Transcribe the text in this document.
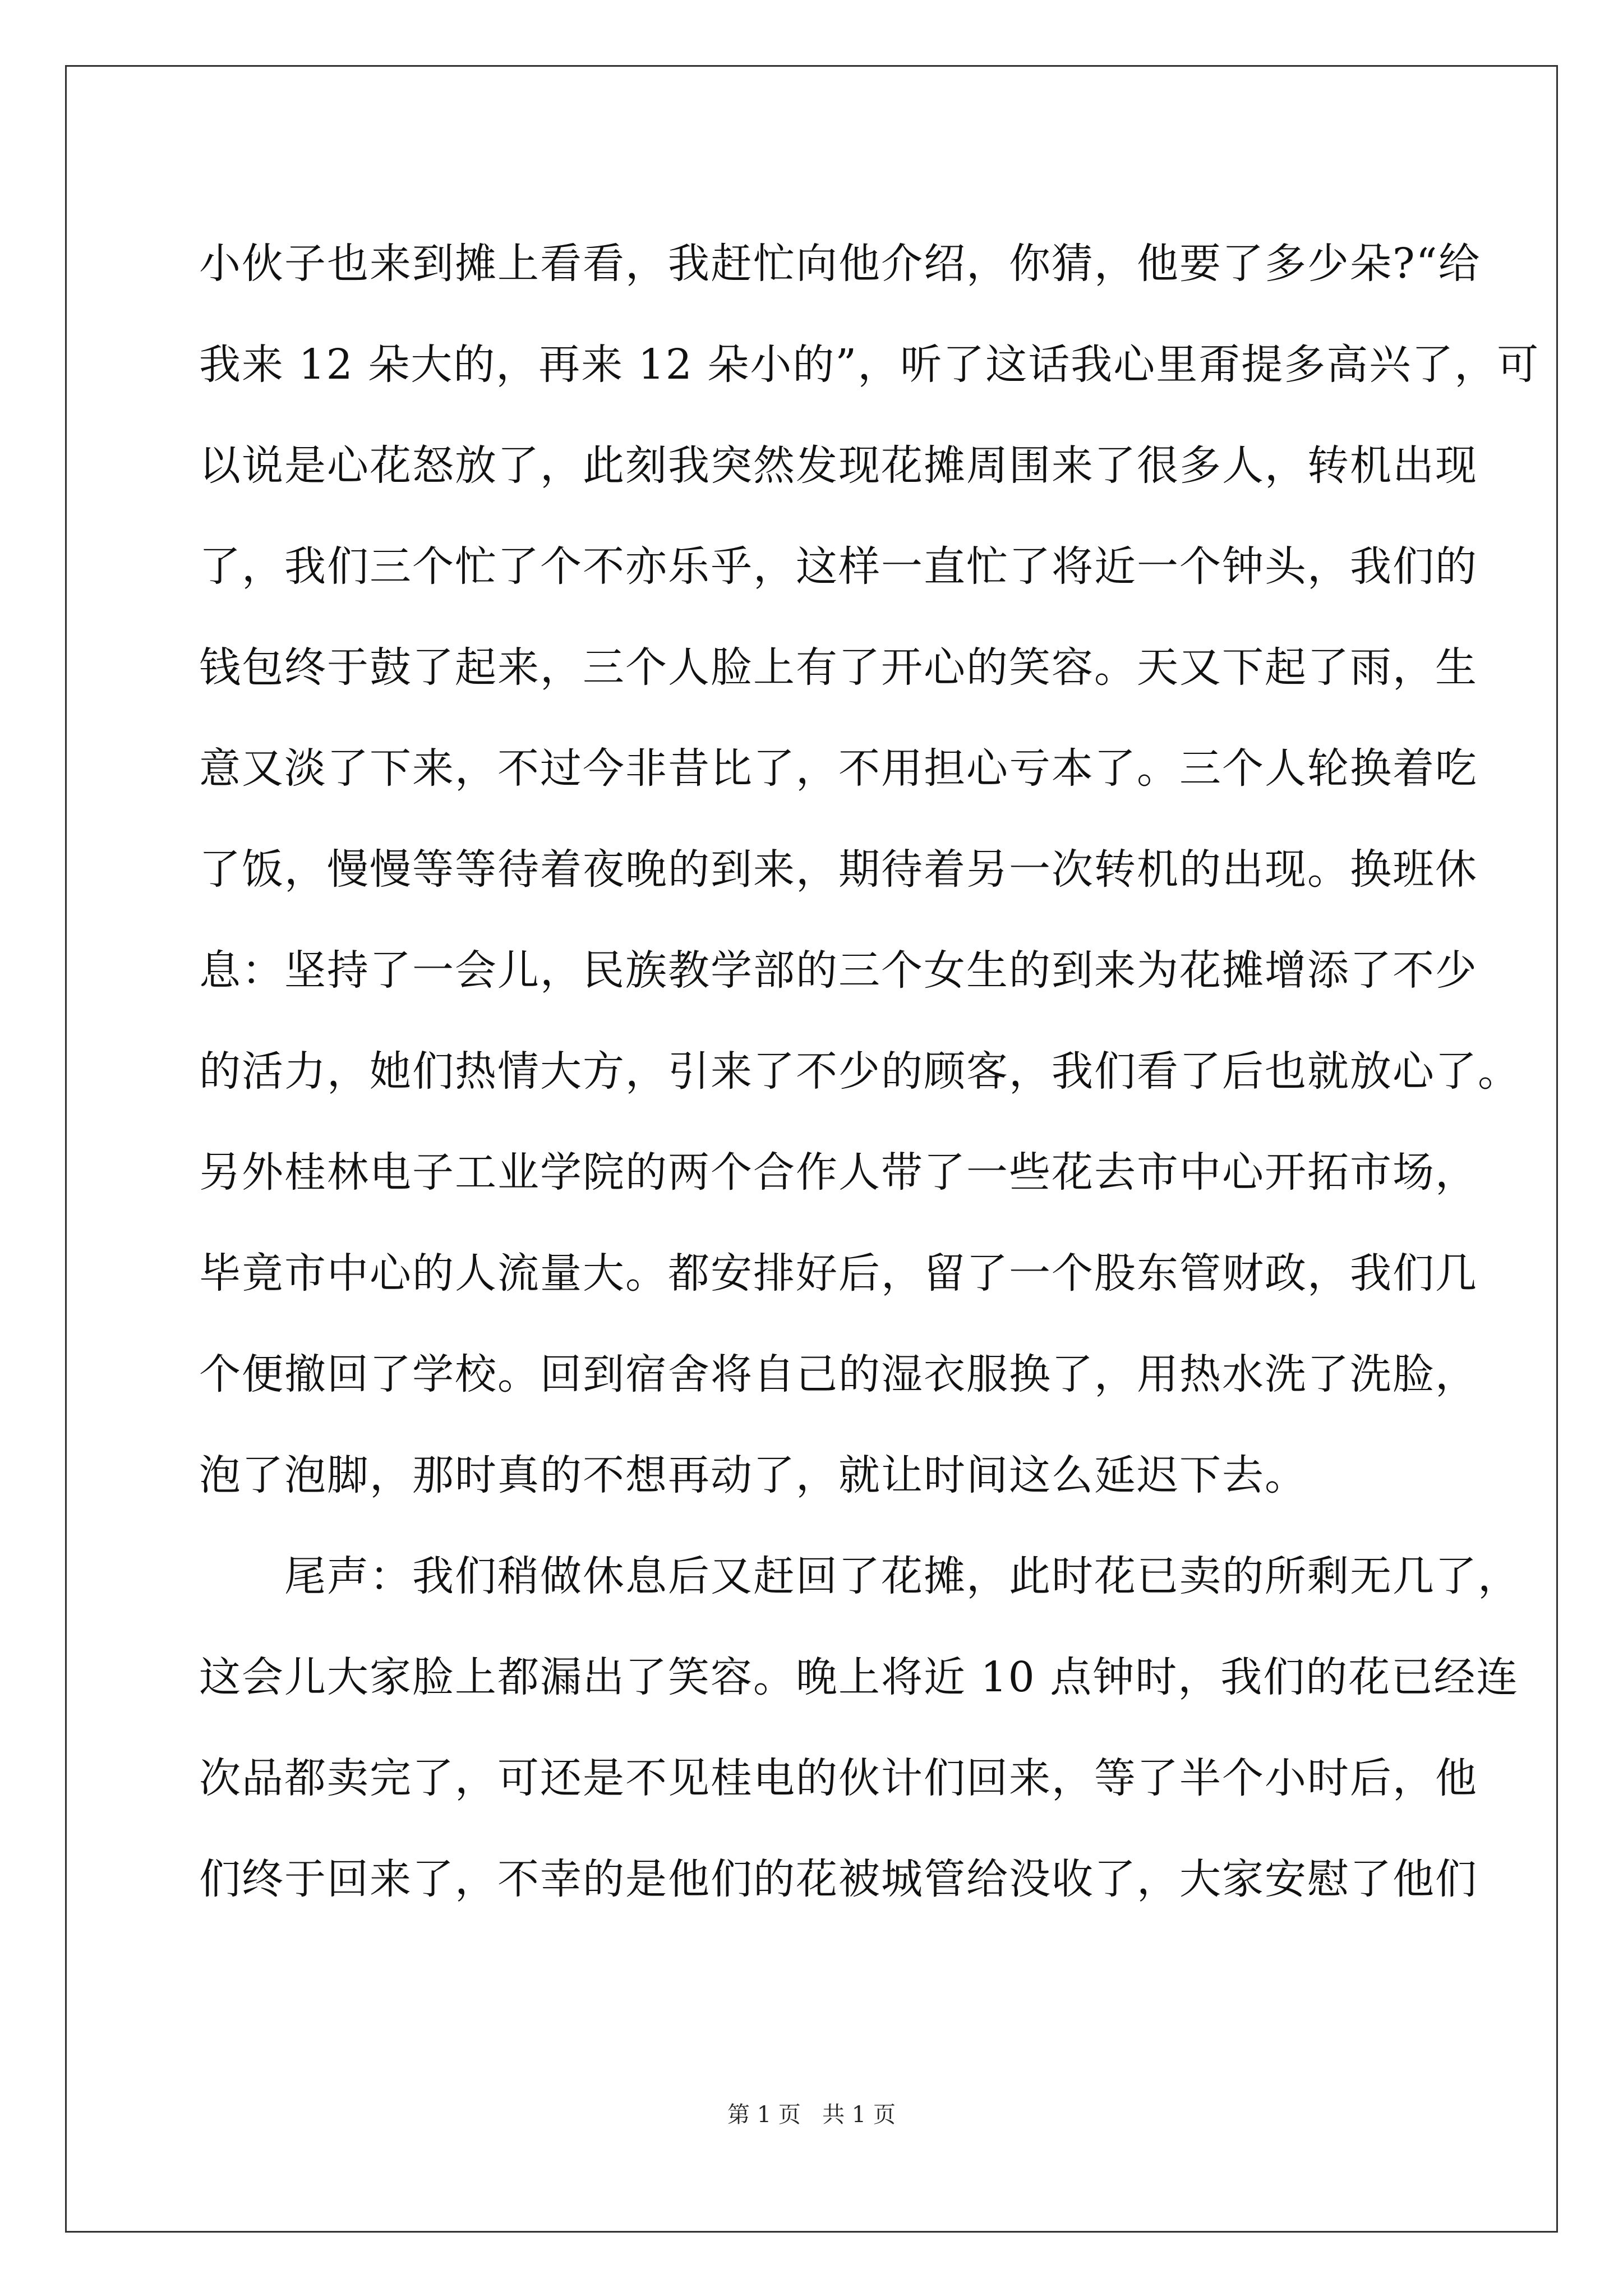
小伙子也来到摊上看看，我赶忙向他介绍，你猜，他要了多少朵?“给
我来 12 朵大的，再来 12 朵小的”，听了这话我心里甭提多高兴了，可
以说是心花怒放了，此刻我突然发现花摊周围来了很多人，转机出现
了，我们三个忙了个不亦乐乎，这样一直忙了将近一个钟头，我们的
钱包终于鼓了起来，三个人脸上有了开心的笑容。天又下起了雨，生
意又淡了下来，不过今非昔比了，不用担心亏本了。三个人轮换着吃
了饭，慢慢等等待着夜晚的到来，期待着另一次转机的出现。换班休
息：坚持了一会儿，民族教学部的三个女生的到来为花摊增添了不少
的活力，她们热情大方，引来了不少的顾客，我们看了后也就放心了。
另外桂林电子工业学院的两个合作人带了一些花去市中心开拓市场，
毕竟市中心的人流量大。都安排好后，留了一个股东管财政，我们几
个便撤回了学校。回到宿舍将自己的湿衣服换了，用热水洗了洗脸，
泡了泡脚，那时真的不想再动了，就让时间这么延迟下去。
　　尾声：我们稍做休息后又赶回了花摊，此时花已卖的所剩无几了，
这会儿大家脸上都漏出了笑容。晚上将近 10 点钟时，我们的花已经连
次品都卖完了，可还是不见桂电的伙计们回来，等了半个小时后，他
们终于回来了，不幸的是他们的花被城管给没收了，大家安慰了他们
第 1 页   共 1 页
